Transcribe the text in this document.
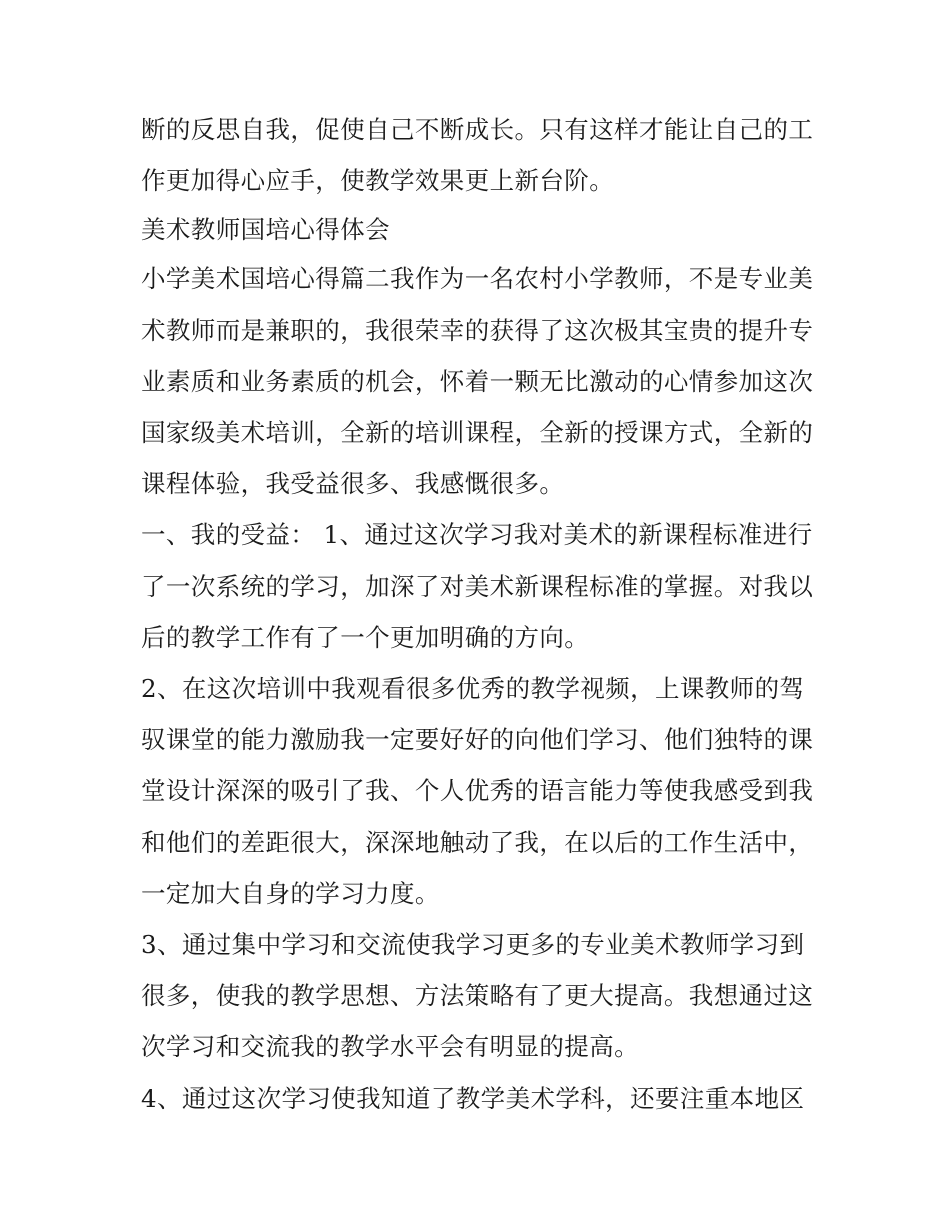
断的反思自我，促使自己不断成长。只有这样才能让自己的工
作更加得心应手，使教学效果更上新台阶。
美术教师国培心得体会
小学美术国培心得篇二我作为一名农村小学教师，不是专业美
术教师而是兼职的，我很荣幸的获得了这次极其宝贵的提升专
业素质和业务素质的机会，怀着一颗无比激动的心情参加这次
国家级美术培训，全新的培训课程，全新的授课方式，全新的
课程体验，我受益很多、我感慨很多。
一、我的受益： 1、通过这次学习我对美术的新课程标准进行
了一次系统的学习，加深了对美术新课程标准的掌握。对我以
后的教学工作有了一个更加明确的方向。
2、在这次培训中我观看很多优秀的教学视频，上课教师的驾
驭课堂的能力激励我一定要好好的向他们学习、他们独特的课
堂设计深深的吸引了我、个人优秀的语言能力等使我感受到我
和他们的差距很大，深深地触动了我，在以后的工作生活中，
一定加大自身的学习力度。
3、通过集中学习和交流使我学习更多的专业美术教师学习到
很多，使我的教学思想、方法策略有了更大提高。我想通过这
次学习和交流我的教学水平会有明显的提高。
4、通过这次学习使我知道了教学美术学科，还要注重本地区
